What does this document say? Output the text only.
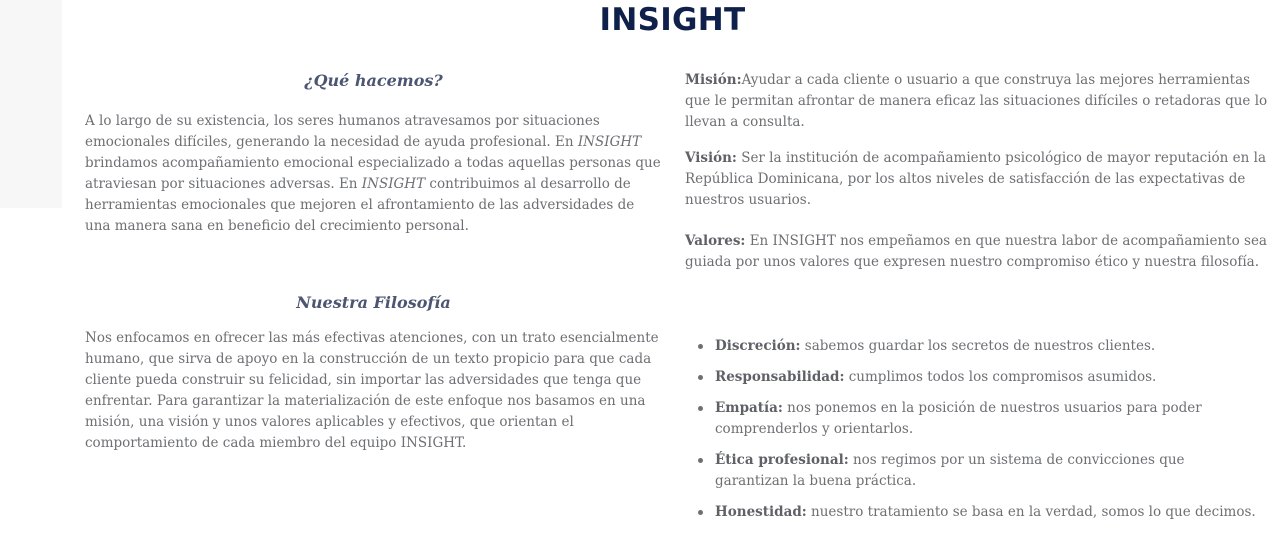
INSIGHT
¿Qué hacemos?

A lo largo de su existencia, los seres humanos atravesamos por situaciones emocionales difíciles, generando la necesidad de ayuda profesional. En INSIGHT brindamos acompañamiento emocional especializado a todas aquellas personas que atraviesan por situaciones adversas. En INSIGHT contribuimos al desarrollo de herramientas emocionales que mejoren el afrontamiento de las adversidades de una manera sana en beneficio del crecimiento personal.

Nuestra Filosofía

Nos enfocamos en ofrecer las más efectivas atenciones, con un trato esencialmente humano, que sirva de apoyo en la construcción de un texto propicio para que cada cliente pueda construir su felicidad, sin importar las adversidades que tenga que enfrentar. Para garantizar la materialización de este enfoque nos basamos en una misión, una visión y unos valores aplicables y efectivos, que orientan el comportamiento de cada miembro del equipo INSIGHT.

Misión:Ayudar a cada cliente o usuario a que construya las mejores herramientas que le permitan afrontar de manera eficaz las situaciones difíciles o retadoras que lo llevan a consulta.

Visión: Ser la institución de acompañamiento psicológico de mayor reputación en la República Dominicana, por los altos niveles de satisfacción de las expectativas de nuestros usuarios.

Valores: En INSIGHT nos empeñamos en que nuestra labor de acompañamiento sea guiada por unos valores que expresen nuestro compromiso ético y nuestra filosofía.

Discreción: sabemos guardar los secretos de nuestros clientes.
Responsabilidad: cumplimos todos los compromisos asumidos.
Empatía: nos ponemos en la posición de nuestros usuarios para poder comprenderlos y orientarlos.
Ética profesional: nos regimos por un sistema de convicciones que garantizan la buena práctica.
Honestidad: nuestro tratamiento se basa en la verdad, somos lo que decimos.
